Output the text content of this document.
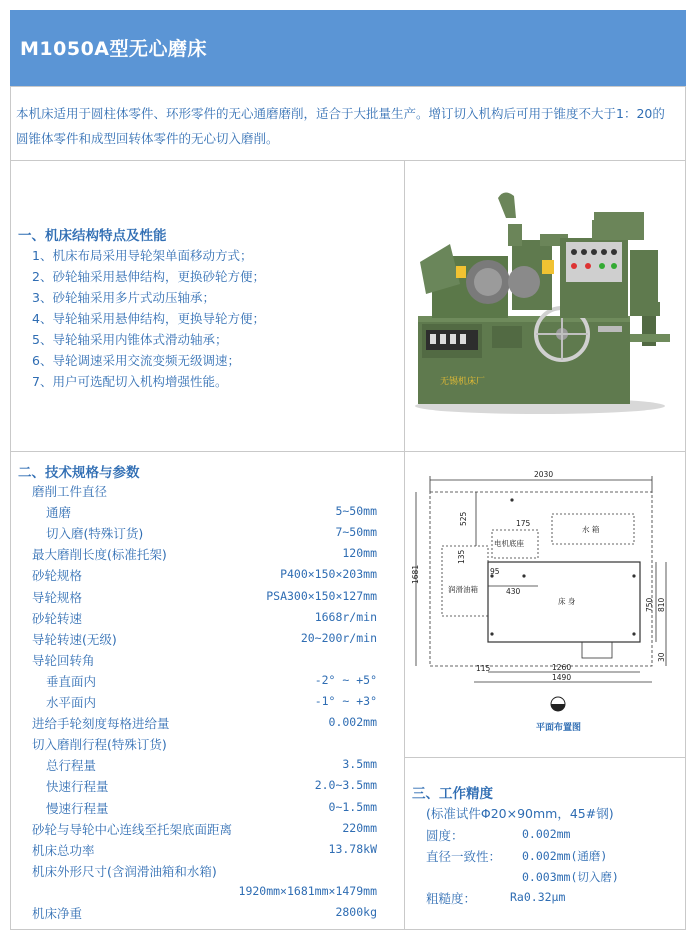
M1050A型无心磨床

本机床适用于圆柱体零件、环形零件的无心通磨磨削，适合于大批量生产。增订切入机构后可用于锥度不大于1：20的圆锥体零件和成型回转体零件的无心切入磨削。

一、机床结构特点及性能
1、机床布局采用导轮架单面移动方式；
2、砂轮轴采用悬伸结构，更换砂轮方便；
3、砂轮轴采用多片式动压轴承；
4、导轮轴采用悬伸结构，更换导轮方便；
5、导轮轴采用内锥体式滑动轴承；
6、导轮调速采用交流变频无级调速；
7、用户可选配切入机构增强性能。	无锡机床厂
二、技术规格与参数
磨削工件直径
通磨	5~50mm
切入磨(特殊订货)	7~50mm
最大磨削长度(标准托架)	120mm
砂轮规格	P400×150×203mm
导轮规格	PSA300×150×127mm
砂轮转速	1668r/min
导轮转速(无级)	20~200r/min
导轮回转角
垂直面内	-2° ~ +5°
水平面内	-1° ~ +3°
进给手轮刻度每格进给量	0.002mm
切入磨削行程(特殊订货)
总行程量	3.5mm
快速行程量	2.0~3.5mm
慢速行程量	0~1.5mm
砂轮与导轮中心连线至托架底面距离	220mm
机床总功率	13.78kW
机床外形尺寸(含润滑油箱和水箱)
1920mm×1681mm×1479mm
机床净重	2800kg
2030
1681
525	175
135
95
430
750 810
115	1260
1490
30
水 箱
电机底座
润滑油箱
床 身
平面布置图
三、工作精度
(标准试件Φ20×90mm，45#钢)
圆度：	0.002mm
直径一致性： 0.002mm(通磨)
0.003mm(切入磨)
粗糙度：	Ra0.32μm
